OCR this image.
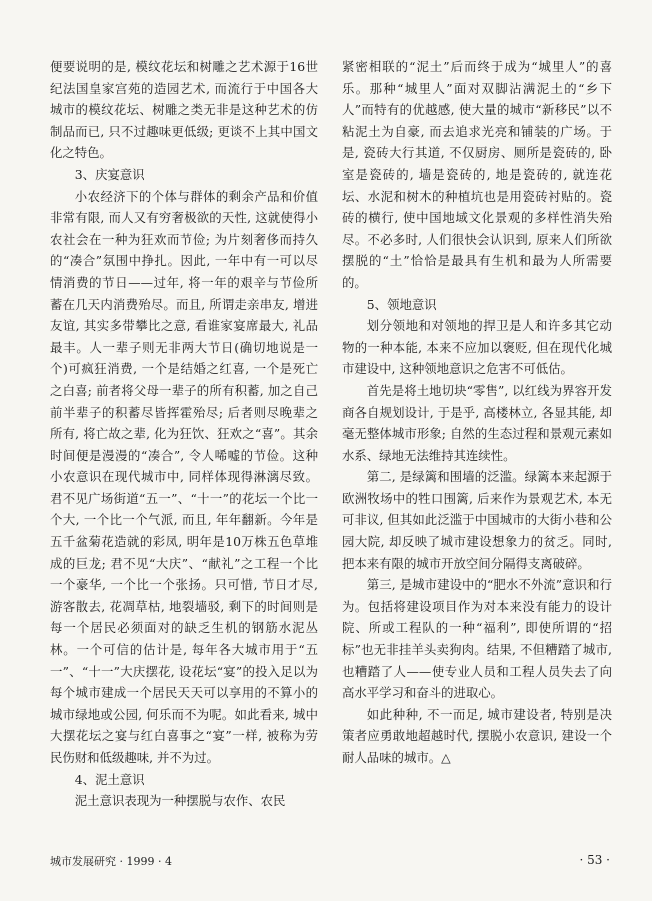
便要说明的是, 模纹花坛和树雕之艺术源于16世纪法国皇家宫苑的造园艺术, 而流行于中国各大城市的模纹花坛、树雕之类无非是这种艺术的仿制品而已, 只不过趣味更低级; 更谈不上其中国文化之特色。

3、庆宴意识

小农经济下的个体与群体的剩余产品和价值非常有限, 而人又有穷奢极欲的天性, 这就使得小农社会在一种为狂欢而节俭; 为片刻奢侈而持久的“凑合”氛围中挣扎。因此, 一年中有一可以尽情消费的节日——过年, 将一年的艰辛与节俭所蓄在几天内消费殆尽。而且, 所谓走亲串友, 增进友谊, 其实多带攀比之意, 看谁家宴席最大, 礼品最丰。人一辈子则无非两大节日(确切地说是一个)可疯狂消费, 一个是结婚之红喜, 一个是死亡之白喜; 前者将父母一辈子的所有积蓄, 加之自己前半辈子的积蓄尽皆挥霍殆尽; 后者则尽晚辈之所有, 将亡故之辈, 化为狂饮、狂欢之“喜”。其余时间便是漫漫的“凑合”, 令人唏嘘的节俭。这种小农意识在现代城市中, 同样体现得淋漓尽致。君不见广场街道“五一”、“十一”的花坛一个比一个大, 一个比一个气派, 而且, 年年翻新。今年是五千盆菊花造就的彩凤, 明年是10万株五色草堆成的巨龙; 君不见“大庆”、“献礼”之工程一个比一个豪华, 一个比一个张扬。只可惜, 节日才尽, 游客散去, 花凋草枯, 地裂墙驳, 剩下的时间则是每一个居民必须面对的缺乏生机的钢筋水泥丛林。一个可信的估计是, 每年各大城市用于“五一”、“十一”大庆摆花, 设花坛“宴”的投入足以为每个城市建成一个居民天天可以享用的不算小的城市绿地或公园, 何乐而不为呢。如此看来, 城中大摆花坛之宴与红白喜事之“宴”一样, 被称为劳民伤财和低级趣味, 并不为过。

4、泥土意识

泥土意识表现为一种摆脱与农作、农民

紧密相联的“泥土”后而终于成为“城里人”的喜乐。那种“城里人”面对双脚沾满泥土的“乡下人”而特有的优越感, 使大量的城市“新移民”以不粘泥土为自豪, 而去追求光亮和铺装的广场。于是, 瓷砖大行其道, 不仅厨房、厕所是瓷砖的, 卧室是瓷砖的, 墙是瓷砖的, 地是瓷砖的, 就连花坛、水泥和树木的种植坑也是用瓷砖衬贴的。瓷砖的横行, 使中国地域文化景观的多样性消失殆尽。不必多时, 人们很快会认识到, 原来人们所欲摆脱的“土”恰恰是最具有生机和最为人所需要的。

5、领地意识

划分领地和对领地的捍卫是人和许多其它动物的一种本能, 本来不应加以褒贬, 但在现代化城市建设中, 这种领地意识之危害不可低估。

首先是将土地切块“零售”, 以红线为界容开发商各自规划设计, 于是乎, 高楼林立, 各显其能, 却毫无整体城市形象; 自然的生态过程和景观元素如水系、绿地无法维持其连续性。

第二, 是绿篱和围墙的泛滥。绿篱本来起源于欧洲牧场中的牲口围篱, 后来作为景观艺术, 本无可非议, 但其如此泛滥于中国城市的大街小巷和公园大院, 却反映了城市建设想象力的贫乏。同时, 把本来有限的城市开放空间分隔得支离破碎。

第三, 是城市建设中的“肥水不外流”意识和行为。包括将建设项目作为对本来没有能力的设计院、所或工程队的一种“福利”, 即使所谓的“招标”也无非挂羊头卖狗肉。结果, 不但糟踏了城市, 也糟踏了人——使专业人员和工程人员失去了向高水平学习和奋斗的进取心。

如此种种, 不一而足, 城市建设者, 特别是决策者应勇敢地超越时代, 摆脱小农意识, 建设一个耐人品味的城市。△

城市发展研究 · 1999 · 4	· 53 ·
